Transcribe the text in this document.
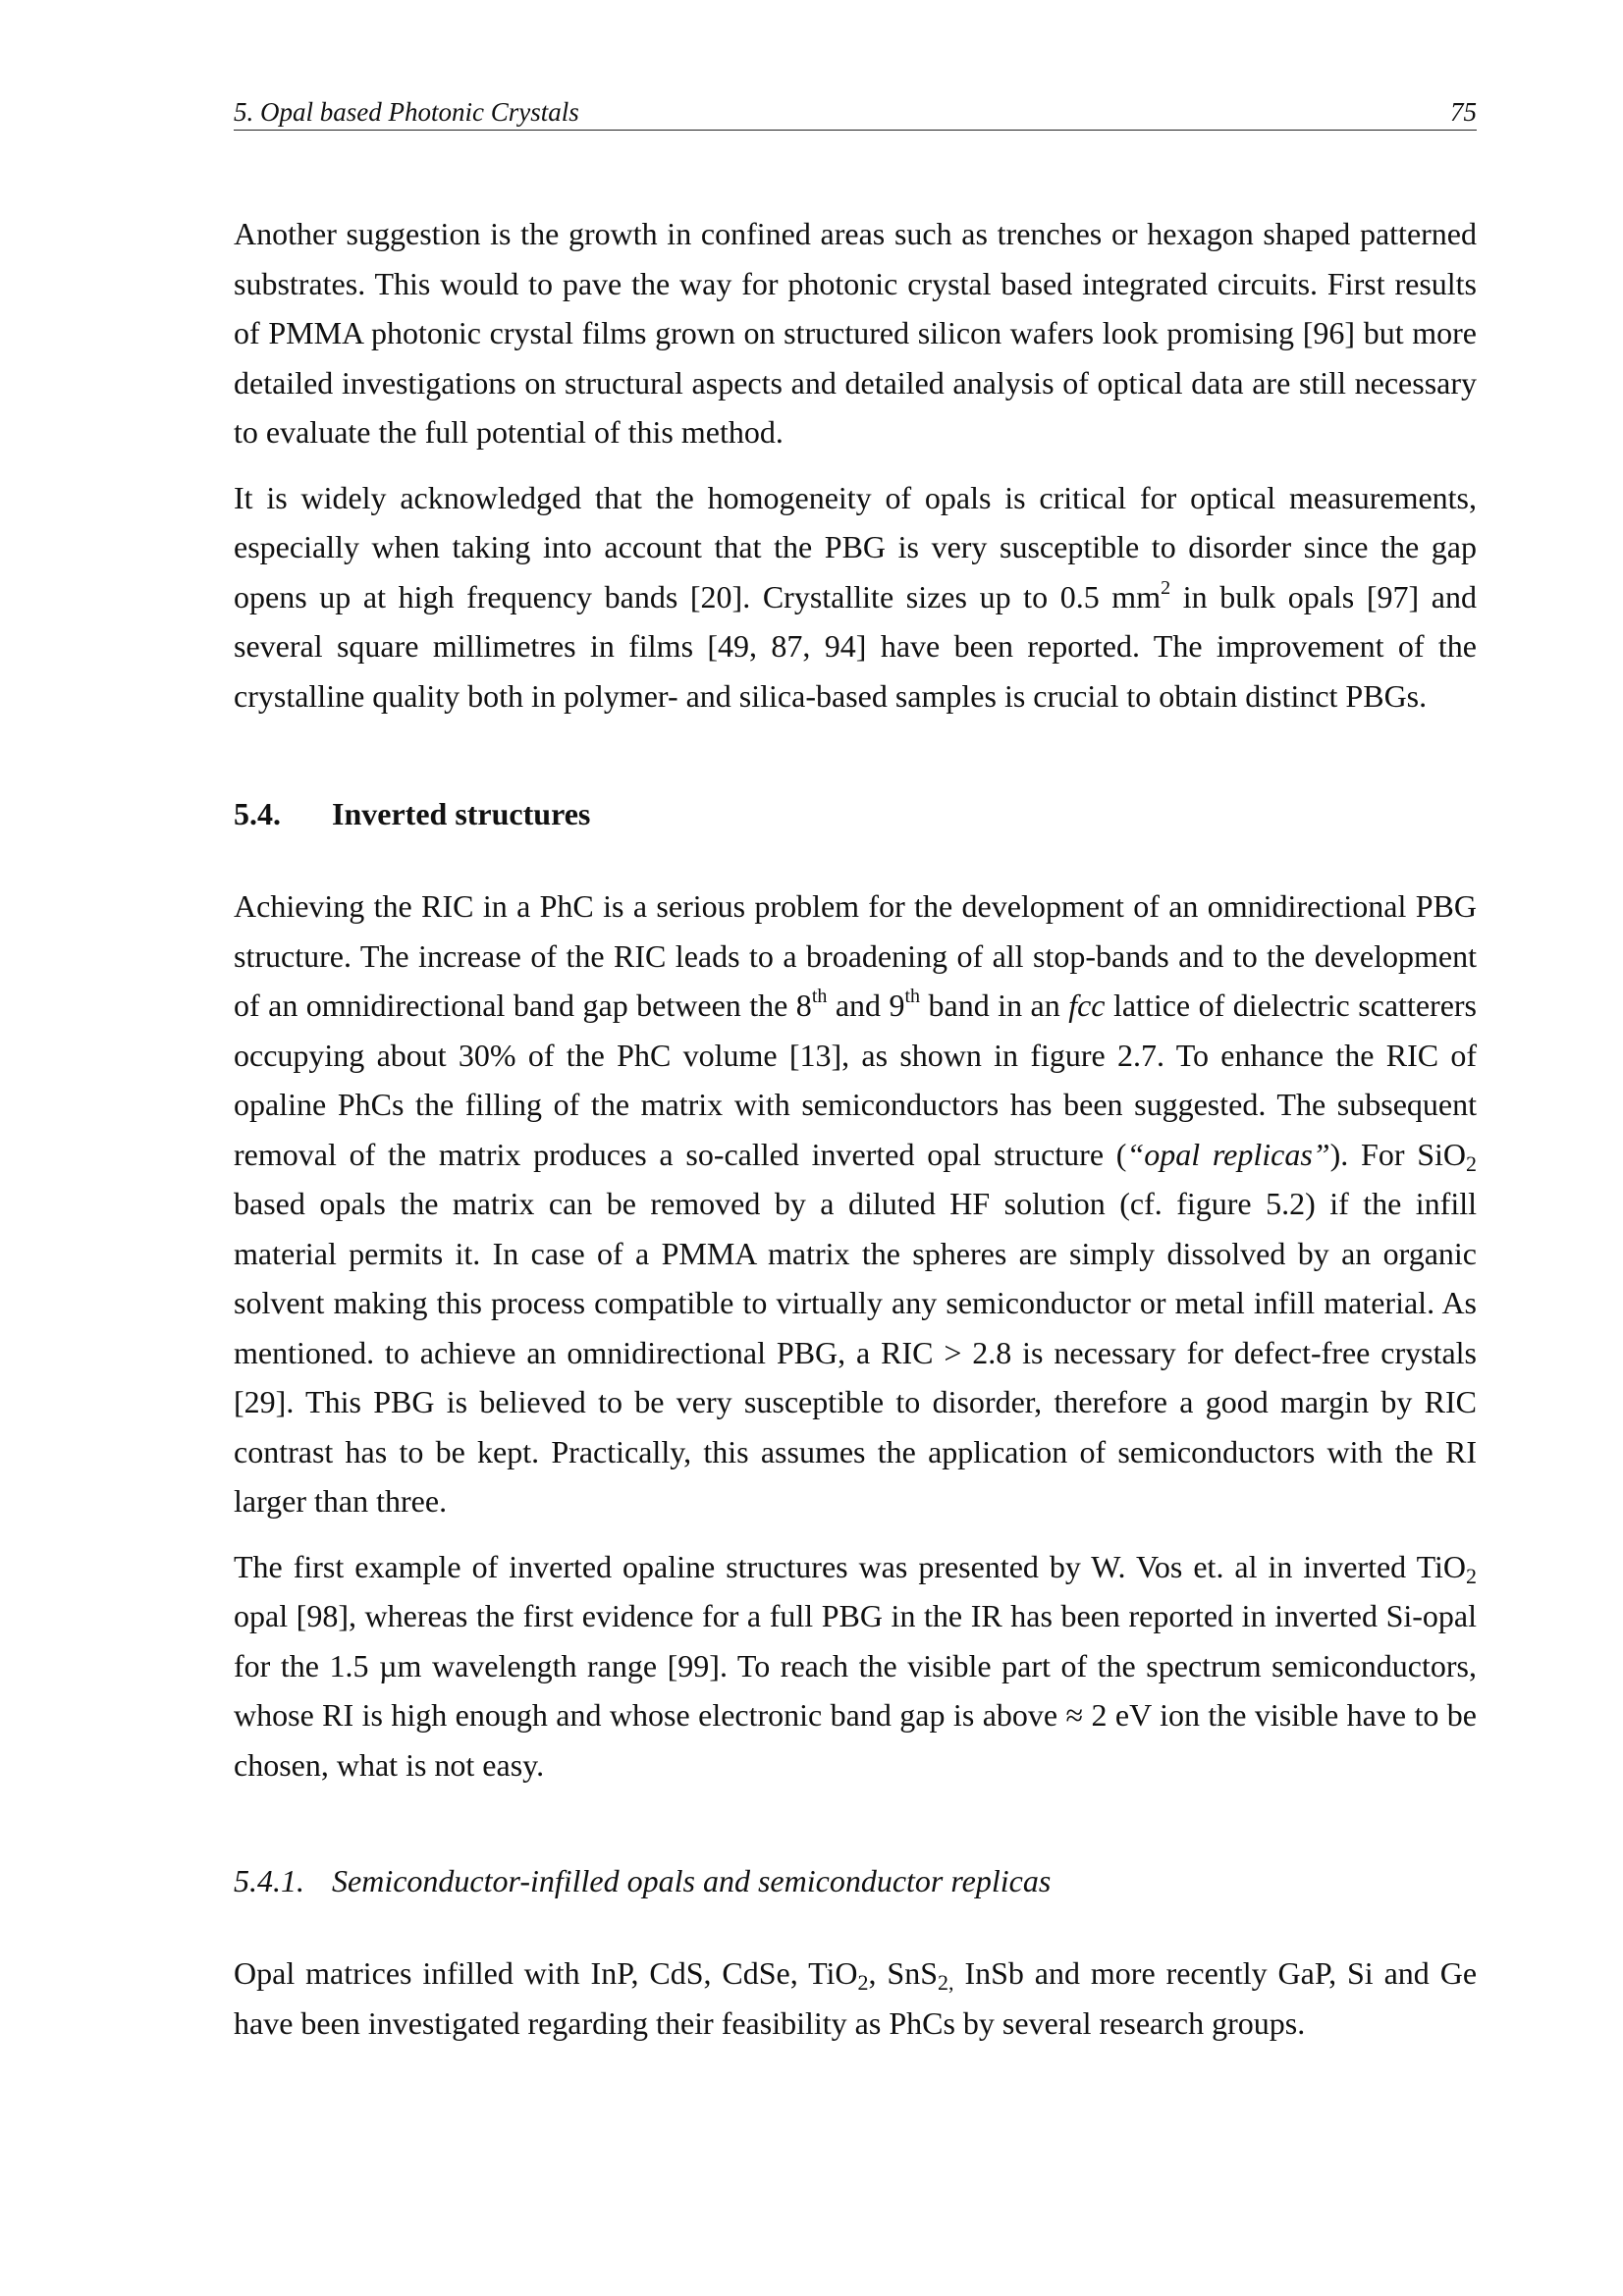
5. Opal based Photonic Crystals	75

Another suggestion is the growth in confined areas such as trenches or hexagon shaped patterned substrates. This would to pave the way for photonic crystal based integrated circuits. First results of PMMA photonic crystal films grown on structured silicon wafers look promising [96] but more detailed investigations on structural aspects and detailed analysis of optical data are still necessary to evaluate the full potential of this method.

It is widely acknowledged that the homogeneity of opals is critical for optical measurements, especially when taking into account that the PBG is very susceptible to disorder since the gap opens up at high frequency bands [20]. Crystallite sizes up to 0.5 $mm^2$ in bulk opals [97] and several square millimetres in films [49, 87, 94] have been reported. The improvement of the crystalline quality both in polymer- and silica-based samples is crucial to obtain distinct PBGs.

5.4. Inverted structures

Achieving the RIC in a PhC is a serious problem for the development of an omnidirectional PBG structure. The increase of the RIC leads to a broadening of all stop-bands and to the development of an omnidirectional band gap between the 8th and 9th band in an fcc lattice of dielectric scatterers occupying about 30% of the PhC volume [13], as shown in figure 2.7. To enhance the RIC of opaline PhCs the filling of the matrix with semiconductors has been suggested. The subsequent removal of the matrix produces a so-called inverted opal structure (“opal replicas”). For SiO$_2$ based opals the matrix can be removed by a diluted HF solution (cf. figure 5.2) if the infill material permits it. In case of a PMMA matrix the spheres are simply dissolved by an organic solvent making this process compatible to virtually any semiconductor or metal infill material. As mentioned. to achieve an omnidirectional PBG, a RIC > 2.8 is necessary for defect-free crystals [29]. This PBG is believed to be very susceptible to disorder, therefore a good margin by RIC contrast has to be kept. Practically, this assumes the application of semiconductors with the RI larger than three.

The first example of inverted opaline structures was presented by W. Vos et. al in inverted TiO$_2$ opal [98], whereas the first evidence for a full PBG in the IR has been reported in inverted Si-opal for the 1.5 µm wavelength range [99]. To reach the visible part of the spectrum semiconductors, whose RI is high enough and whose electronic band gap is above ≈ 2 eV ion the visible have to be chosen, what is not easy.

5.4.1. Semiconductor-infilled opals and semiconductor replicas

Opal matrices infilled with InP, CdS, CdSe, TiO$_2$, SnS$_{2,}$ InSb and more recently GaP, Si and Ge have been investigated regarding their feasibility as PhCs by several research groups.
